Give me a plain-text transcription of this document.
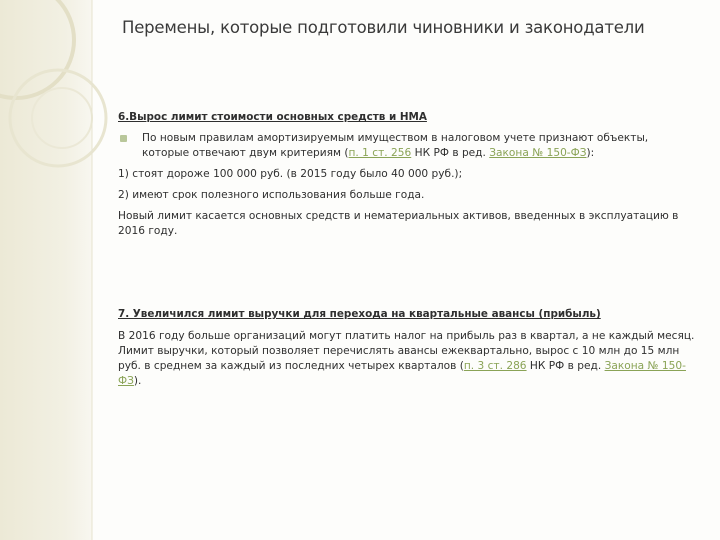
Перемены, которые подготовили чиновники и законодатели

6.Вырос лимит стоимости основных средств и НМА

По новым правилам амортизируемым имуществом в налоговом учете признают объекты, которые отвечают двум критериям (п. 1 ст. 256 НК РФ в ред. Закона № 150-ФЗ):

1) стоят дороже 100 000 руб. (в 2015 году было 40 000 руб.);

2) имеют срок полезного использования больше года.

Новый лимит касается основных средств и нематериальных активов, введенных в эксплуатацию в 2016 году.

7. Увеличился лимит выручки для перехода на квартальные авансы (прибыль)

В 2016 году больше организаций могут платить налог на прибыль раз в квартал, а не каждый месяц. Лимит выручки, который позволяет перечислять авансы ежеквартально, вырос с 10 млн до 15 млн руб. в среднем за каждый из последних четырех кварталов (п. 3 ст. 286 НК РФ в ред. Закона № 150-ФЗ).
